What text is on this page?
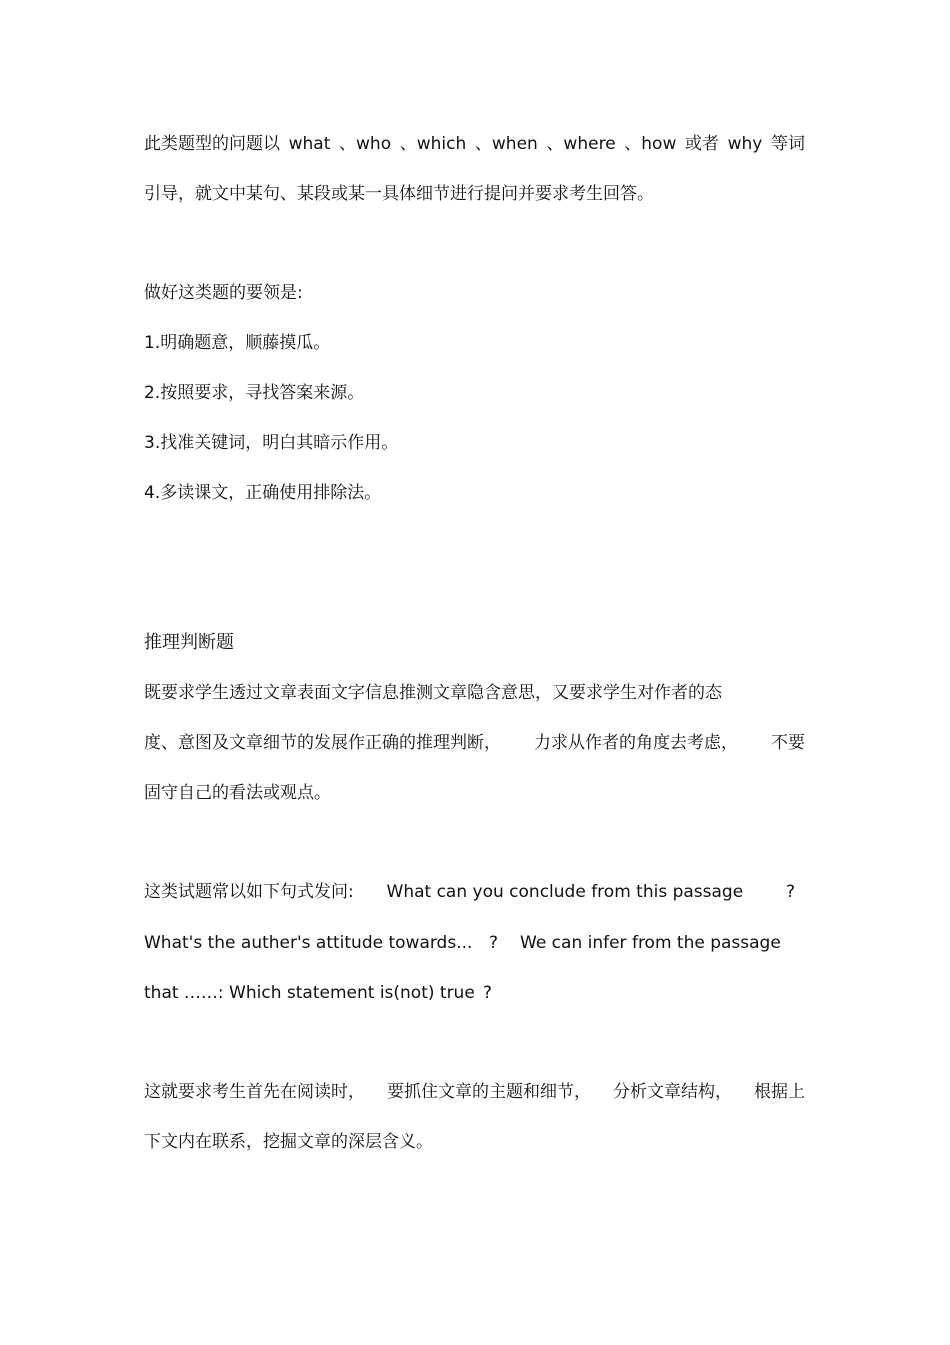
此类题型的问题以 what 、who 、which 、when 、where 、how 或者 why 等词
引导，就文中某句、某段或某一具体细节进行提问并要求考生回答。
做好这类题的要领是:
1.明确题意，顺藤摸瓜。
2.按照要求，寻找答案来源。
3.找准关键词，明白其暗示作用。
4.多读课文，正确使用排除法。
推理判断题
既要求学生透过文章表面文字信息推测文章隐含意思，又要求学生对作者的态
度、意图及文章细节的发展作正确的推理判断， 力求从作者的角度去考虑， 不要
固守自己的看法或观点。
这类试题常以如下句式发问: What can you conclude from this passage	?
What's the auther's attitude towards... ? We can infer from the passage
that ……: Which statement is(not) true ?
这就要求考生首先在阅读时， 要抓住文章的主题和细节， 分析文章结构， 根据上
下文内在联系，挖掘文章的深层含义。
